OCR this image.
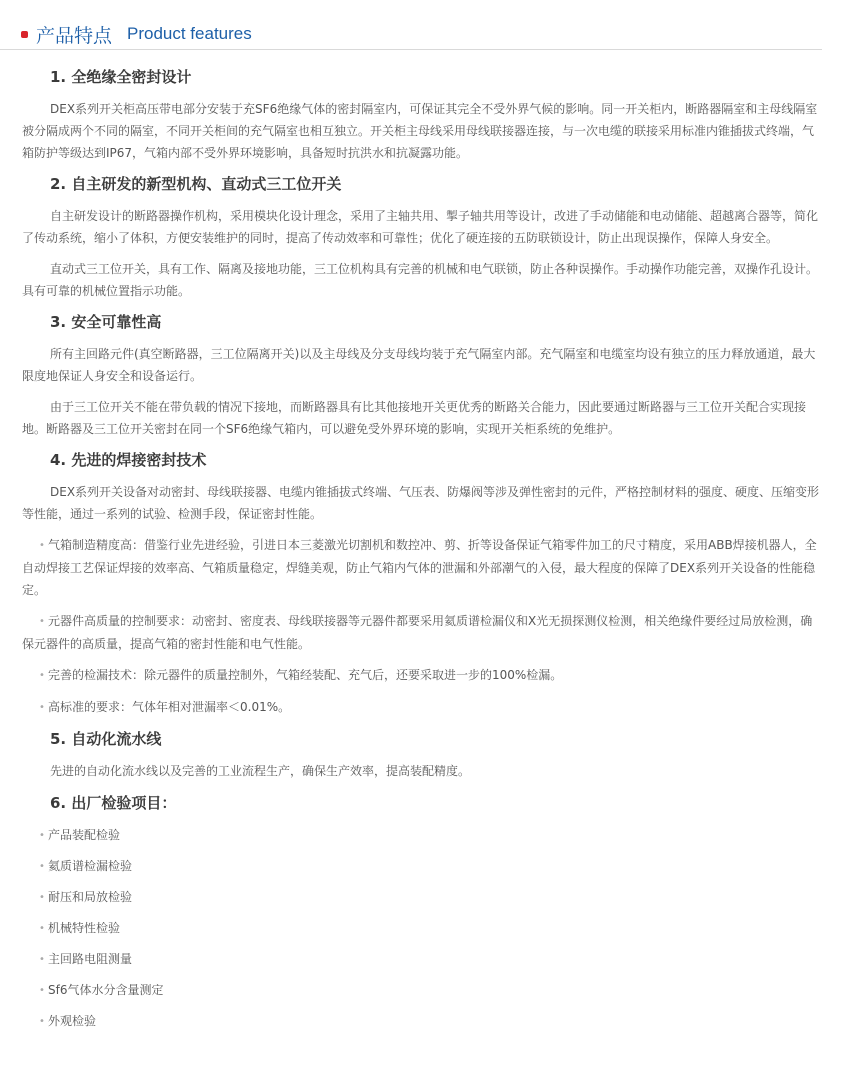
产品特点 Product features
1. 全绝缘全密封设计
DEX系列开关柜高压带电部分安装于充SF6绝缘气体的密封隔室内，可保证其完全不受外界气候的影响。同一开关柜内，断路器隔室和主母线隔室被分隔成两个不同的隔室，不同开关柜间的充气隔室也相互独立。开关柜主母线采用母线联接器连接，与一次电缆的联接采用标准内锥插拔式终端，气箱防护等级达到IP67，气箱内部不受外界环境影响，具备短时抗洪水和抗凝露功能。
2. 自主研发的新型机构、直动式三工位开关
自主研发设计的断路器操作机构，采用模块化设计理念，采用了主轴共用、掣子轴共用等设计，改进了手动储能和电动储能、超越离合器等，简化了传动系统，缩小了体积，方便安装维护的同时，提高了传动效率和可靠性；优化了硬连接的五防联锁设计，防止出现误操作，保障人身安全。
直动式三工位开关，具有工作、隔离及接地功能，三工位机构具有完善的机械和电气联锁，防止各种误操作。手动操作功能完善，双操作孔设计。具有可靠的机械位置指示功能。
3. 安全可靠性高
所有主回路元件(真空断路器，三工位隔离开关)以及主母线及分支母线均装于充气隔室内部。充气隔室和电缆室均设有独立的压力释放通道，最大限度地保证人身安全和设备运行。
由于三工位开关不能在带负载的情况下接地，而断路器具有比其他接地开关更优秀的断路关合能力，因此要通过断路器与三工位开关配合实现接地。断路器及三工位开关密封在同一个SF6绝缘气箱内，可以避免受外界环境的影响，实现开关柜系统的免维护。
4. 先进的焊接密封技术
DEX系列开关设备对动密封、母线联接器、电缆内锥插拔式终端、气压表、防爆阀等涉及弹性密封的元件，严格控制材料的强度、硬度、压缩变形等性能，通过一系列的试验、检测手段，保证密封性能。
• 气箱制造精度高：借鉴行业先进经验，引进日本三菱激光切割机和数控冲、剪、折等设备保证气箱零件加工的尺寸精度，采用ABB焊接机器人，全自动焊接工艺保证焊接的效率高、气箱质量稳定，焊缝美观，防止气箱内气体的泄漏和外部潮气的入侵，最大程度的保障了DEX系列开关设备的性能稳定。
• 元器件高质量的控制要求：动密封、密度表、母线联接器等元器件都要采用氦质谱检漏仪和X光无损探测仪检测，相关绝缘件要经过局放检测，确保元器件的高质量，提高气箱的密封性能和电气性能。
• 完善的检漏技术：除元器件的质量控制外，气箱经装配、充气后，还要采取进一步的100%检漏。
• 高标准的要求：气体年相对泄漏率＜0.01%。
5. 自动化流水线
先进的自动化流水线以及完善的工业流程生产，确保生产效率，提高装配精度。
6. 出厂检验项目：
• 产品装配检验
• 氦质谱检漏检验
• 耐压和局放检验
• 机械特性检验
• 主回路电阻测量
• Sf6气体水分含量测定
• 外观检验
